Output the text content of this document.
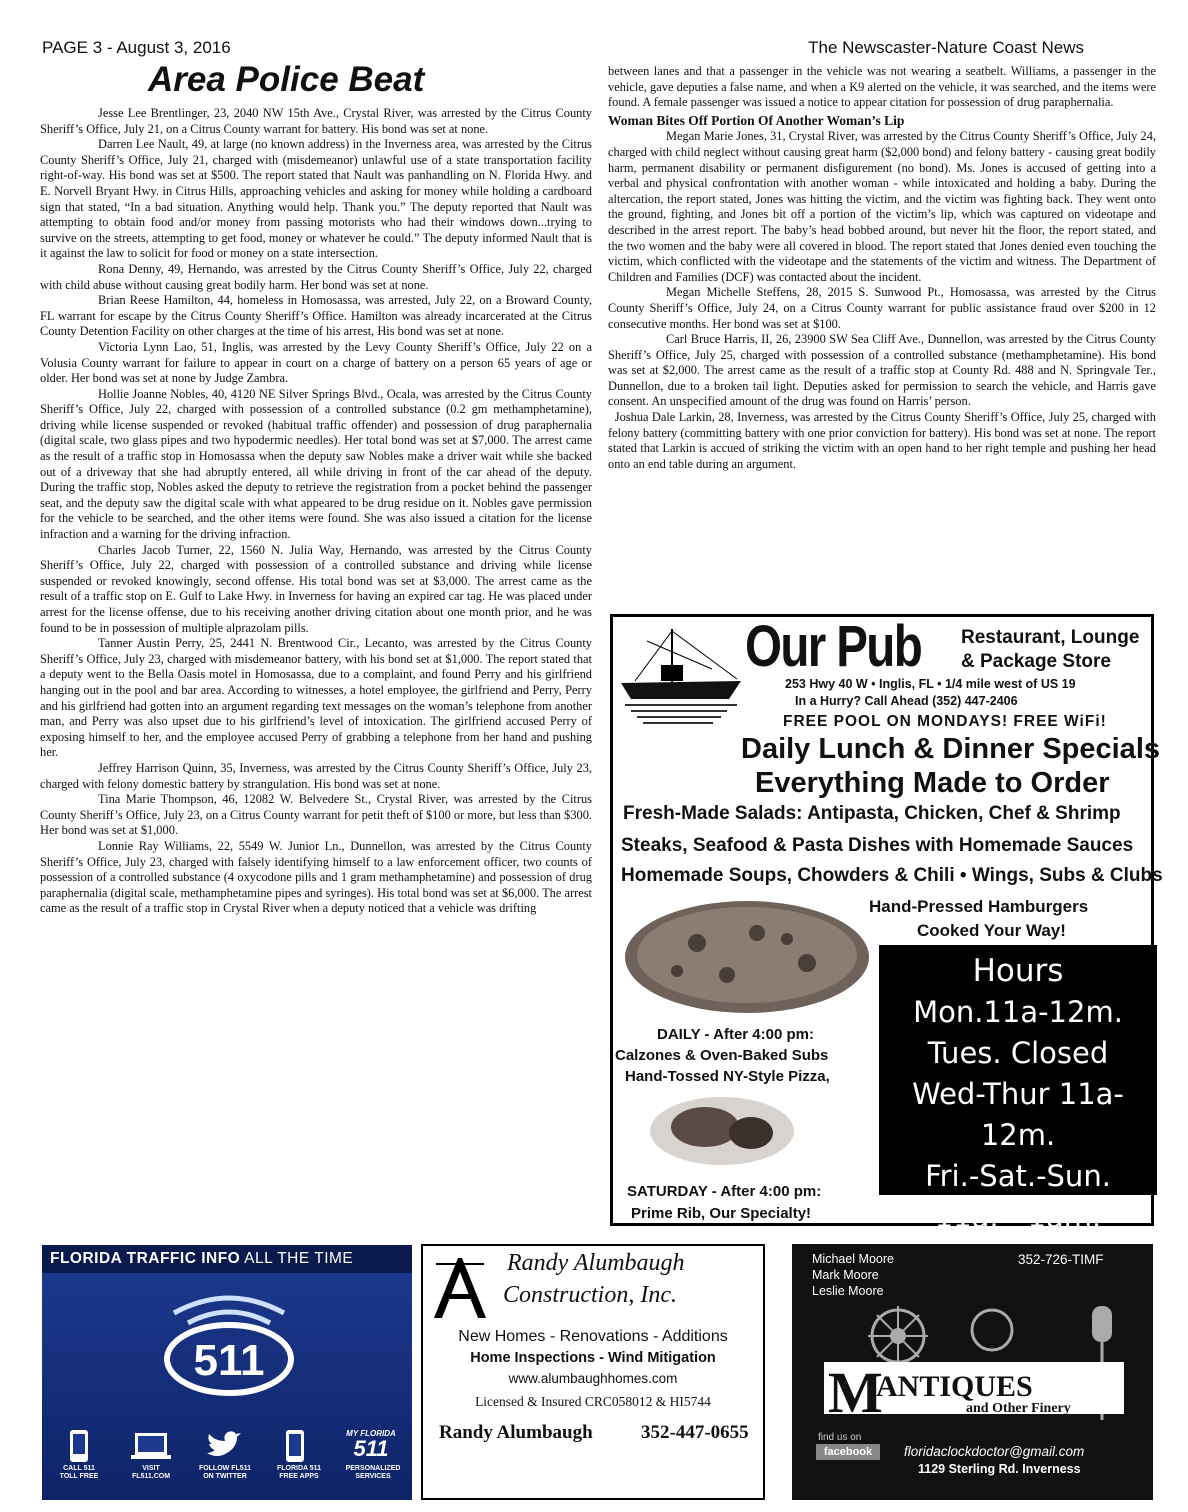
PAGE 3 - August 3, 2016	The Newscaster-Nature Coast News
Area Police Beat

Jesse Lee Brentlinger, 23, 2040 NW 15th Ave., Crystal River, was arrested by the Citrus County Sheriff’s Office, July 21, on a Citrus County warrant for battery. His bond was set at none.

Darren Lee Nault, 49, at large (no known address) in the Inverness area, was arrested by the Citrus County Sheriff’s Office, July 21, charged with (misdemeanor) unlawful use of a state transportation facility right-of-way. His bond was set at $500. The report stated that Nault was panhandling on N. Florida Hwy. and E. Norvell Bryant Hwy. in Citrus Hills, approaching vehicles and asking for money while holding a cardboard sign that stated, “In a bad situation. Anything would help. Thank you.” The deputy reported that Nault was attempting to obtain food and/or money from passing motorists who had their windows down...trying to survive on the streets, attempting to get food, money or whatever he could.” The deputy informed Nault that is it against the law to solicit for food or money on a state intersection.

Rona Denny, 49, Hernando, was arrested by the Citrus County Sheriff’s Office, July 22, charged with child abuse without causing great bodily harm. Her bond was set at none.

Brian Reese Hamilton, 44, homeless in Homosassa, was arrested, July 22, on a Broward County, FL warrant for escape by the Citrus County Sheriff’s Office. Hamilton was already incarcerated at the Citrus County Detention Facility on other charges at the time of his arrest, His bond was set at none.

Victoria Lynn Lao, 51, Inglis, was arrested by the Levy County Sheriff’s Office, July 22 on a Volusia County warrant for failure to appear in court on a charge of battery on a person 65 years of age or older. Her bond was set at none by Judge Zambra.

Hollie Joanne Nobles, 40, 4120 NE Silver Springs Blvd., Ocala, was arrested by the Citrus County Sheriff’s Office, July 22, charged with possession of a controlled substance (0.2 gm methamphetamine), driving while license suspended or revoked (habitual traffic offender) and possession of drug paraphernalia (digital scale, two glass pipes and two hypodermic needles). Her total bond was set at $7,000. The arrest came as the result of a traffic stop in Homosassa when the deputy saw Nobles make a driver wait while she backed out of a driveway that she had abruptly entered, all while driving in front of the car ahead of the deputy. During the traffic stop, Nobles asked the deputy to retrieve the registration from a pocket behind the passenger seat, and the deputy saw the digital scale with what appeared to be drug residue on it. Nobles gave permission for the vehicle to be searched, and the other items were found. She was also issued a citation for the license infraction and a warning for the driving infraction.

Charles Jacob Turner, 22, 1560 N. Julia Way, Hernando, was arrested by the Citrus County Sheriff’s Office, July 22, charged with possession of a controlled substance and driving while license suspended or revoked knowingly, second offense. His total bond was set at $3,000. The arrest came as the result of a traffic stop on E. Gulf to Lake Hwy. in Inverness for having an expired car tag. He was placed under arrest for the license offense, due to his receiving another driving citation about one month prior, and he was found to be in possession of multiple alprazolam pills.

Tanner Austin Perry, 25, 2441 N. Brentwood Cir., Lecanto, was arrested by the Citrus County Sheriff’s Office, July 23, charged with misdemeanor battery, with his bond set at $1,000. The report stated that a deputy went to the Bella Oasis motel in Homosassa, due to a complaint, and found Perry and his girlfriend hanging out in the pool and bar area. According to witnesses, a hotel employee, the girlfriend and Perry, Perry and his girlfriend had gotten into an argument regarding text messages on the woman’s telephone from another man, and Perry was also upset due to his girlfriend’s level of intoxication. The girlfriend accused Perry of exposing himself to her, and the employee accused Perry of grabbing a telephone from her hand and pushing her.

Jeffrey Harrison Quinn, 35, Inverness, was arrested by the Citrus County Sheriff’s Office, July 23, charged with felony domestic battery by strangulation. His bond was set at none.

Tina Marie Thompson, 46, 12082 W. Belvedere St., Crystal River, was arrested by the Citrus County Sheriff’s Office, July 23, on a Citrus County warrant for petit theft of $100 or more, but less than $300. Her bond was set at $1,000.

Lonnie Ray Williams, 22, 5549 W. Junior Ln., Dunnellon, was arrested by the Citrus County Sheriff’s Office, July 23, charged with falsely identifying himself to a law enforcement officer, two counts of possession of a controlled substance (4 oxycodone pills and 1 gram methamphetamine) and possession of drug paraphernalia (digital scale, methamphetamine pipes and syringes). His total bond was set at $6,000. The arrest came as the result of a traffic stop in Crystal River when a deputy noticed that a vehicle was drifting

between lanes and that a passenger in the vehicle was not wearing a seatbelt. Williams, a passenger in the vehicle, gave deputies a false name, and when a K9 alerted on the vehicle, it was searched, and the items were found. A female passenger was issued a notice to appear citation for possession of drug paraphernalia.

Woman Bites Off Portion Of Another Woman’s Lip

Megan Marie Jones, 31, Crystal River, was arrested by the Citrus County Sheriff’s Office, July 24, charged with child neglect without causing great harm ($2,000 bond) and felony battery - causing great bodily harm, permanent disability or permanent disfigurement (no bond). Ms. Jones is accused of getting into a verbal and physical confrontation with another woman - while intoxicated and holding a baby. During the altercation, the report stated, Jones was hitting the victim, and the victim was fighting back. They went onto the ground, fighting, and Jones bit off a portion of the victim’s lip, which was captured on videotape and described in the arrest report. The baby’s head bobbed around, but never hit the floor, the report stated, and the two women and the baby were all covered in blood. The report stated that Jones denied even touching the victim, which conflicted with the videotape and the statements of the victim and witness. The Department of Children and Families (DCF) was contacted about the incident.

Megan Michelle Steffens, 28, 2015 S. Sunwood Pt., Homosassa, was arrested by the Citrus County Sheriff’s Office, July 24, on a Citrus County warrant for public assistance fraud over $200 in 12 consecutive months. Her bond was set at $100.

Carl Bruce Harris, II, 26, 23900 SW Sea Cliff Ave., Dunnellon, was arrested by the Citrus County Sheriff’s Office, July 25, charged with possession of a controlled substance (methamphetamine). His bond was set at $2,000. The arrest came as the result of a traffic stop at County Rd. 488 and N. Springvale Ter., Dunnellon, due to a broken tail light. Deputies asked for permission to search the vehicle, and Harris gave consent. An unspecified amount of the drug was found on Harris’ person.

Joshua Dale Larkin, 28, Inverness, was arrested by the Citrus County Sheriff’s Office, July 25, charged with  felony battery (committing battery with one prior conviction for battery). His bond was set at none. The report stated that Larkin is accued of striking the victim with an open hand to her right temple and pushing her head onto an end table during an argument.

Our Pub Restaurant, Lounge
& Package Store
253 Hwy 40 W • Inglis, FL • 1/4 mile west of US 19
In a Hurry? Call Ahead (352) 447-2406
FREE POOL ON MONDAYS! FREE WiFi!
Daily Lunch & Dinner Specials
Everything Made to Order
Fresh-Made Salads: Antipasta, Chicken, Chef & Shrimp
Steaks, Seafood & Pasta Dishes with Homemade Sauces
Homemade Soups, Chowders & Chili • Wings, Subs & Clubs
Hand-Pressed Hamburgers
Cooked Your Way!
DAILY - After 4:00 pm:
Calzones & Oven-Baked Subs
Hand-Tossed NY-Style Pizza,
SATURDAY - After 4:00 pm:
Prime Rib, Our Specialty!
Hours
Mon.11a-12m.
Tues. Closed
Wed-Thur 11a-12m.
Fri.-Sat.-Sun.
11a. - 1am.
FLORIDA TRAFFIC INFO ALL THE TIME
511
MY FLORIDA
511
CALL 511
TOLL FREE
VISIT
FL511.COM
FOLLOW FL511
ON TWITTER
FLORIDA 511
FREE APPS
PERSONALIZED
SERVICES
Randy Alumbaugh
Construction, Inc.
New Homes - Renovations - Additions
Home Inspections - Wind Mitigation
www.alumbaughhomes.com
Licensed & Insured CRC058012 & HI5744
Randy Alumbaugh	352-447-0655
Michael Moore
Mark Moore
Leslie Moore
352-726-TIMF
M
ANTIQUES
and Other Finery
find us on
facebook	floridaclockdoctor@gmail.com
1129 Sterling Rd. Inverness
